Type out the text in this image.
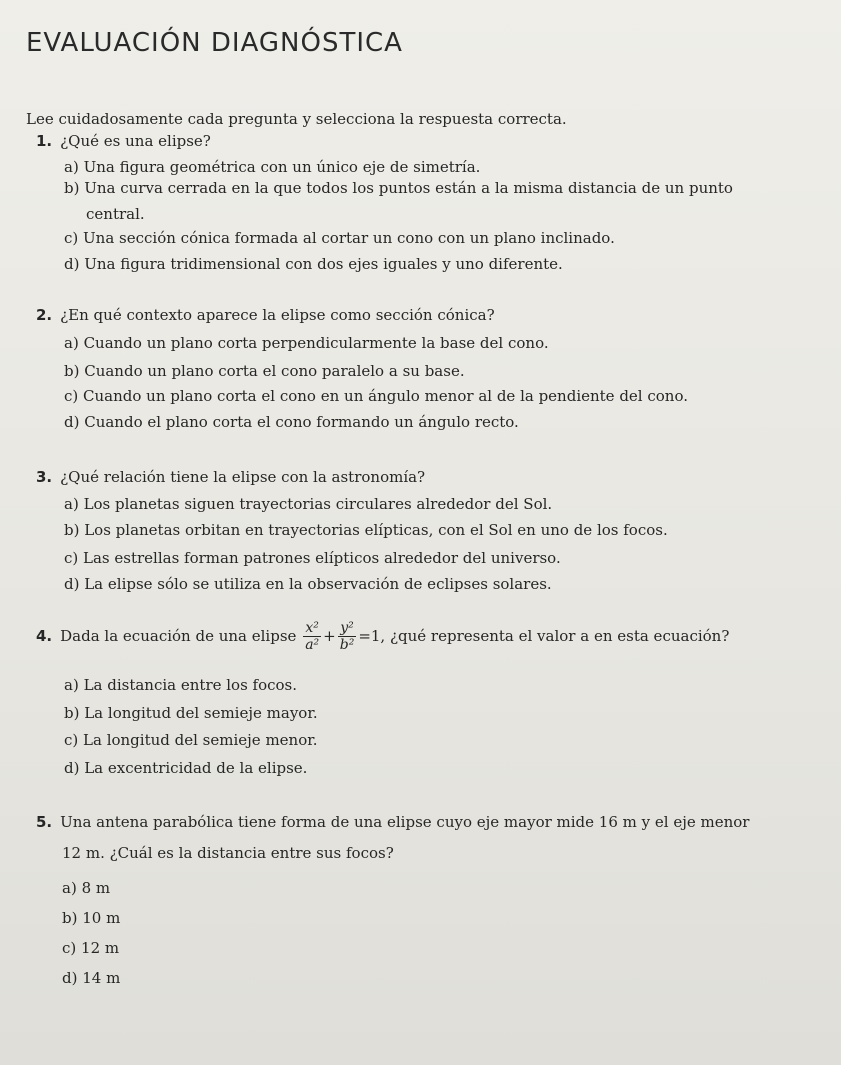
EVALUACIÓN DIAGNÓSTICA
Lee cuidadosamente cada pregunta y selecciona la respuesta correcta.
1. ¿Qué es una elipse?
a) Una figura geométrica con un único eje de simetría.
b) Una curva cerrada en la que todos los puntos están a la misma distancia de un punto
central.
c) Una sección cónica formada al cortar un cono con un plano inclinado.
d) Una figura tridimensional con dos ejes iguales y uno diferente.
2. ¿En qué contexto aparece la elipse como sección cónica?
a) Cuando un plano corta perpendicularmente la base del cono.
b) Cuando un plano corta el cono paralelo a su base.
c) Cuando un plano corta el cono en un ángulo menor al de la pendiente del cono.
d) Cuando el plano corta el cono formando un ángulo recto.
3. ¿Qué relación tiene la elipse con la astronomía?
a) Los planetas siguen trayectorias circulares alrededor del Sol.
b) Los planetas orbitan en trayectorias elípticas, con el Sol en uno de los focos.
c) Las estrellas forman patrones elípticos alrededor del universo.
d) La elipse sólo se utiliza en la observación de eclipses solares.
4. Dada la ecuación de una elipse $\frac{\text{x²}}{\text{a²}} + \frac{\text{y²}}{\text{b²}} =1$, ¿qué representa el valor a en esta ecuación?
a) La distancia entre los focos.
b) La longitud del semieje mayor.
c) La longitud del semieje menor.
d) La excentricidad de la elipse.
5. Una antena parabólica tiene forma de una elipse cuyo eje mayor mide 16 m y el eje menor
12 m. ¿Cuál es la distancia entre sus focos?
a) 8 m
b) 10 m
c) 12 m
d) 14 m
